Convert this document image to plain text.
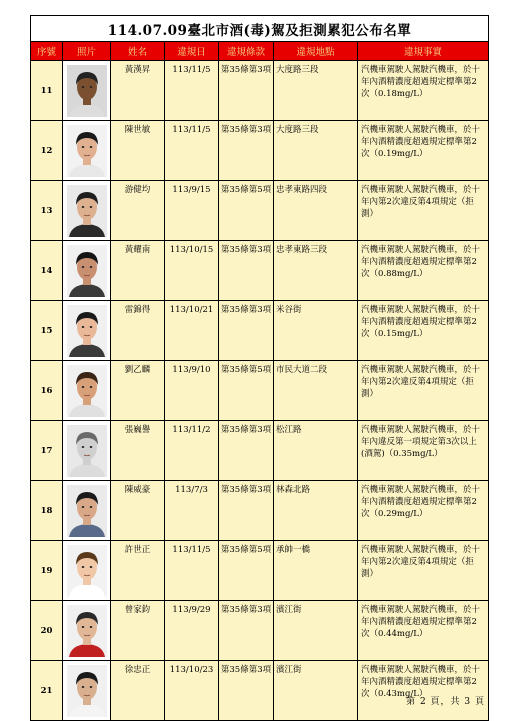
114.07.09臺北市酒(毒)駕及拒測累犯公布名單						
序號	照片	姓名	違規日	違規條款	違規地點	違規事實
11		黃漢昇	113/11/5	第35條第3項	大度路三段	汽機車駕駛人駕駛汽機車，於十年內酒精濃度超過規定標準第2次（0.18mg/L）
12		陳世敏	113/11/5	第35條第3項	大度路三段	汽機車駕駛人駕駛汽機車，於十年內酒精濃度超過規定標準第2次（0.19mg/L）
13		游健均	113/9/15	第35條第5項	忠孝東路四段	汽機車駕駛人駕駛汽機車，於十年內第2次違反第4項規定（拒測）
14		黃耀南	113/10/15	第35條第3項	忠孝東路三段	汽機車駕駛人駕駛汽機車，於十年內酒精濃度超過規定標準第2次（0.88mg/L）
15		雷錦得	113/10/21	第35條第3項	米谷街	汽機車駕駛人駕駛汽機車，於十年內酒精濃度超過規定標準第2次（0.15mg/L）
16		劉乙麟	113/9/10	第35條第5項	市民大道二段	汽機車駕駛人駕駛汽機車，於十年內第2次違反第4項規定（拒測）
17		張巍譽	113/11/2	第35條第3項	松江路	汽機車駕駛人駕駛汽機車，於十年內違反第一項規定第3次以上(酒駕)（0.35mg/L）
18		陳威豪	113/7/3	第35條第3項	林森北路	汽機車駕駛人駕駛汽機車，於十年內酒精濃度超過規定標準第2次（0.29mg/L）
19		許世正	113/11/5	第35條第5項	承帥一橋	汽機車駕駛人駕駛汽機車，於十年內第2次違反第4項規定（拒測）
20		曾家鈞	113/9/29	第35條第3項	濱江街	汽機車駕駛人駕駛汽機車，於十年內酒精濃度超過規定標準第2次（0.44mg/L）
21		徐忠正	113/10/23	第35條第3項	濱江街	汽機車駕駛人駕駛汽機車，於十年內酒精濃度超過規定標準第2次（0.43mg/L）
第 2 頁，共 3 頁
